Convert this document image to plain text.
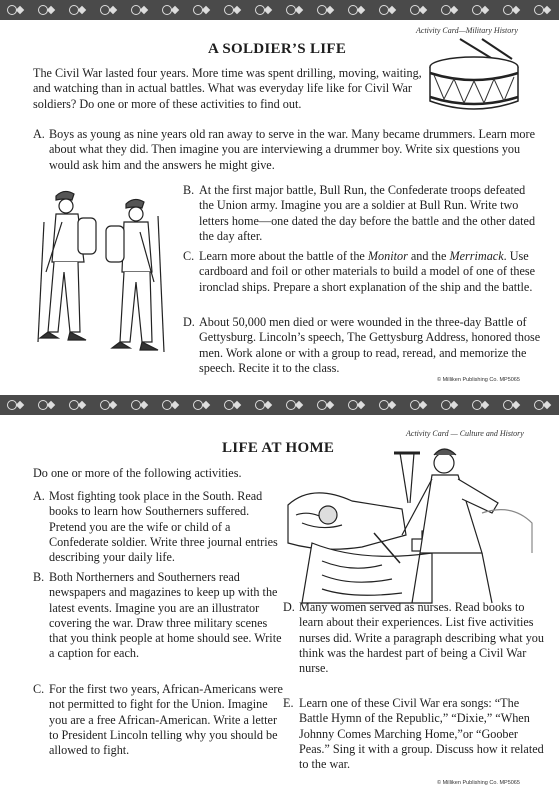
Activity Card—Military History
A SOLDIER’S LIFE

The Civil War lasted four years. More time was spent drilling, moving, waiting, and watching than in actual battles. What was everyday life like for Civil War soldiers? Do one or more of these activities to find out.

A. Boys as young as nine years old ran away to serve in the war. Many became drummers. Learn more about what they did. Then imagine you are interviewing a drummer boy. Write six questions you would ask him and the answers he might give.
B. At the first major battle, Bull Run, the Confederate troops defeated the Union army. Imagine you are a soldier at Bull Run. Write two letters home—one dated the day before the battle and the other dated the day after.
C. Learn more about the battle of the Monitor and the Merrimack. Use cardboard and foil or other materials to build a model of one of these ironclad ships. Prepare a short explanation of the ship and the battle.
D. About 50,000 men died or were wounded in the three-day Battle of Gettysburg. Lincoln’s speech, The Gettysburg Address, honored those men. Work alone or with a group to read, reread, and memorize the speech. Recite it to the class.
© Milliken Publishing Co. MP5065
Activity Card — Culture and History
LIFE AT HOME

Do one or more of the following activities.

A. Most fighting took place in the South. Read books to learn how Southerners suffered. Pretend you are the wife or child of a Confederate soldier. Write three journal entries describing your daily life.
B. Both Northerners and Southerners read newspapers and magazines to keep up with the latest events. Imagine you are an illustrator covering the war. Draw three military scenes that you think people at home should see. Write a caption for each.
C. For the first two years, African-Americans were not permitted to fight for the Union. Imagine you are a free African-American. Write a letter to President Lincoln telling why you should be allowed to fight.
D. Many women served as nurses. Read books to learn about their experiences. List five activities nurses did. Write a paragraph describing what you think was the hardest part of being a Civil War nurse.
E. Learn one of these Civil War era songs: “The Battle Hymn of the Republic,” “Dixie,” “When Johnny Comes Marching Home,”or “Goober Peas.” Sing it with a group. Discuss how it related to the war.
© Milliken Publishing Co. MP5065
